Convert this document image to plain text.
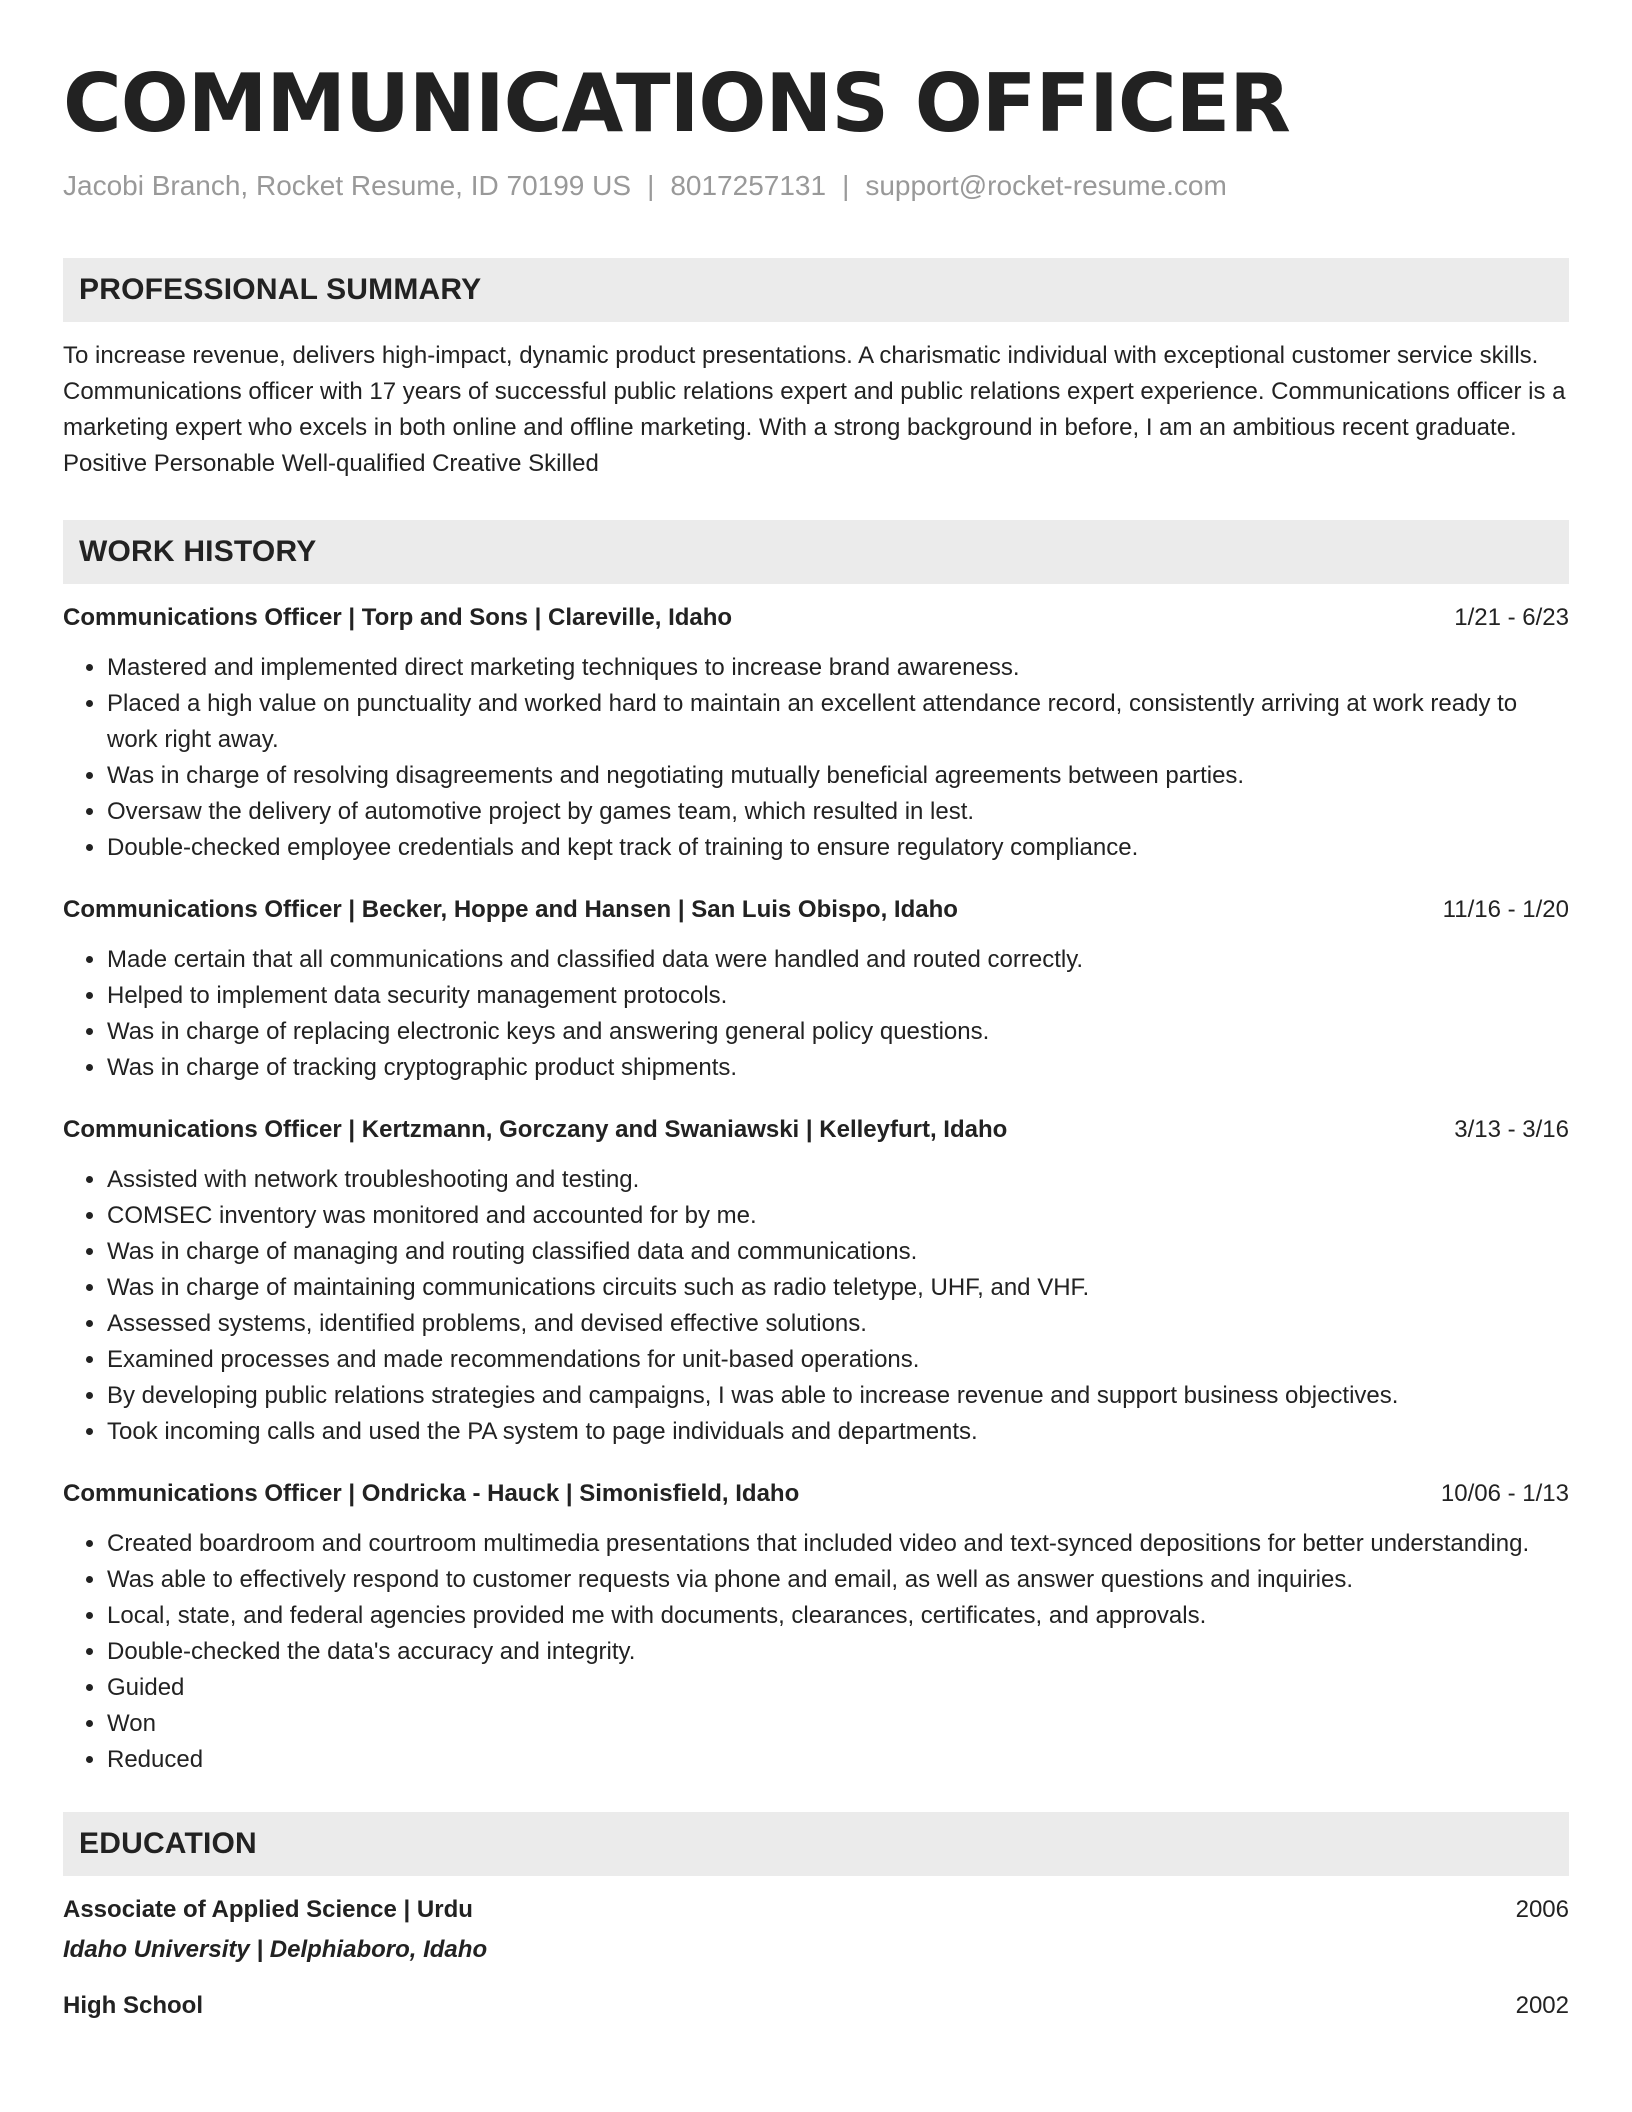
COMMUNICATIONS OFFICER
Jacobi Branch, Rocket Resume, ID 70199 US | 8017257131 | support@rocket-resume.com
PROFESSIONAL SUMMARY
To increase revenue, delivers high-impact, dynamic product presentations. A charismatic individual with exceptional customer service skills. Communications officer with 17 years of successful public relations expert and public relations expert experience. Communications officer is a marketing expert who excels in both online and offline marketing. With a strong background in before, I am an ambitious recent graduate. Positive Personable Well-qualified Creative Skilled
WORK HISTORY
Communications Officer | Torp and Sons | Clareville, Idaho	1/21 - 6/23
• Mastered and implemented direct marketing techniques to increase brand awareness.
• Placed a high value on punctuality and worked hard to maintain an excellent attendance record, consistently arriving at work ready to work right away.
• Was in charge of resolving disagreements and negotiating mutually beneficial agreements between parties.
• Oversaw the delivery of automotive project by games team, which resulted in lest.
• Double-checked employee credentials and kept track of training to ensure regulatory compliance.
Communications Officer | Becker, Hoppe and Hansen | San Luis Obispo, Idaho	11/16 - 1/20
• Made certain that all communications and classified data were handled and routed correctly.
• Helped to implement data security management protocols.
• Was in charge of replacing electronic keys and answering general policy questions.
• Was in charge of tracking cryptographic product shipments.
Communications Officer | Kertzmann, Gorczany and Swaniawski | Kelleyfurt, Idaho	3/13 - 3/16
• Assisted with network troubleshooting and testing.
• COMSEC inventory was monitored and accounted for by me.
• Was in charge of managing and routing classified data and communications.
• Was in charge of maintaining communications circuits such as radio teletype, UHF, and VHF.
• Assessed systems, identified problems, and devised effective solutions.
• Examined processes and made recommendations for unit-based operations.
• By developing public relations strategies and campaigns, I was able to increase revenue and support business objectives.
• Took incoming calls and used the PA system to page individuals and departments.
Communications Officer | Ondricka - Hauck | Simonisfield, Idaho	10/06 - 1/13
• Created boardroom and courtroom multimedia presentations that included video and text-synced depositions for better understanding.
• Was able to effectively respond to customer requests via phone and email, as well as answer questions and inquiries.
• Local, state, and federal agencies provided me with documents, clearances, certificates, and approvals.
• Double-checked the data's accuracy and integrity.
• Guided
• Won
• Reduced
EDUCATION
Associate of Applied Science | Urdu	2006
Idaho University | Delphiaboro, Idaho
High School	2002
